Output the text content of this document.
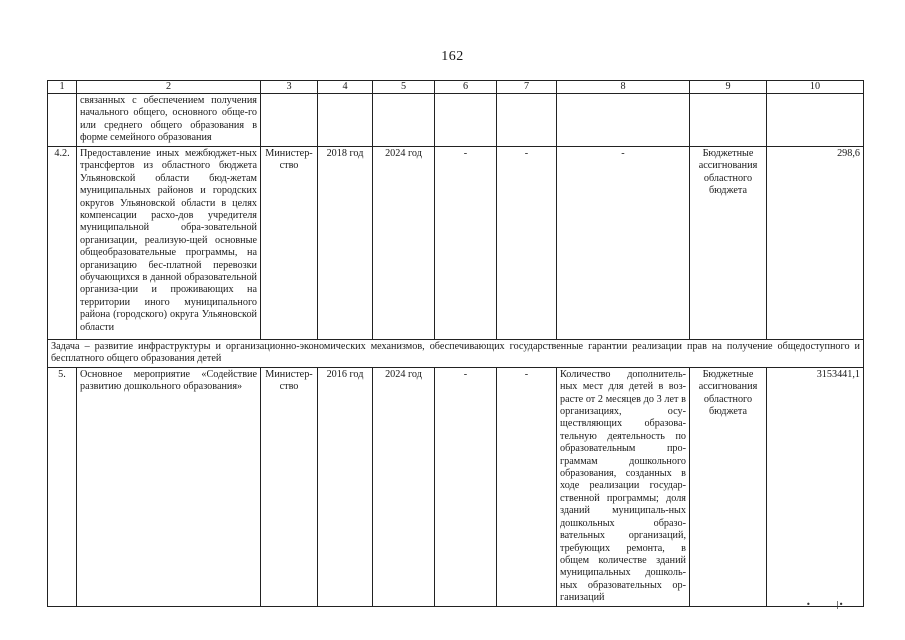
162
1	2	3	4	5	6	7	8	9	10
	связанных с обеспечением получения начального общего, основного обще-го или среднего общего образования в форме семейного образования								
4.2.	Предоставление иных межбюджет-ных трансфертов из областного бюджета Ульяновской области бюд-жетам муниципальных районов и городских округов Ульяновской области в целях компенсации расхо-дов учредителя муниципальной обра-зовательной организации, реализую-щей основные общеобразовательные программы, на организацию бес-платной перевозки обучающихся в данной образовательной организа-ции и проживающих на территории иного муниципального района (городского) округа Ульяновской области	Министер-ство	2018 год	2024 год	-	-	-	Бюджетные ассигнования областного бюджета	298,6
Задача – развитие инфраструктуры и организационно-экономических механизмов, обеспечивающих государственные гарантии реализации прав на получение общедоступного и бесплатного общего образования детей									
5.	Основное мероприятие «Содействие развитию дошкольного образования»	Министер-ство	2016 год	2024 год	-	-	Количество дополнитель-ных мест для детей в воз-расте от 2 месяцев до 3 лет в организациях, осу-ществляющих образова-тельную деятельность по образовательным про-граммам дошкольного образования, созданных в ходе реализации государ-ственной программы; доля зданий муниципаль-ных дошкольных образо-вательных организаций, требующих ремонта, в общем количестве зданий муниципальных дошколь-ных образовательных ор-ганизаций	Бюджетные ассигнования областного бюджета	3153441,1
•	|•
